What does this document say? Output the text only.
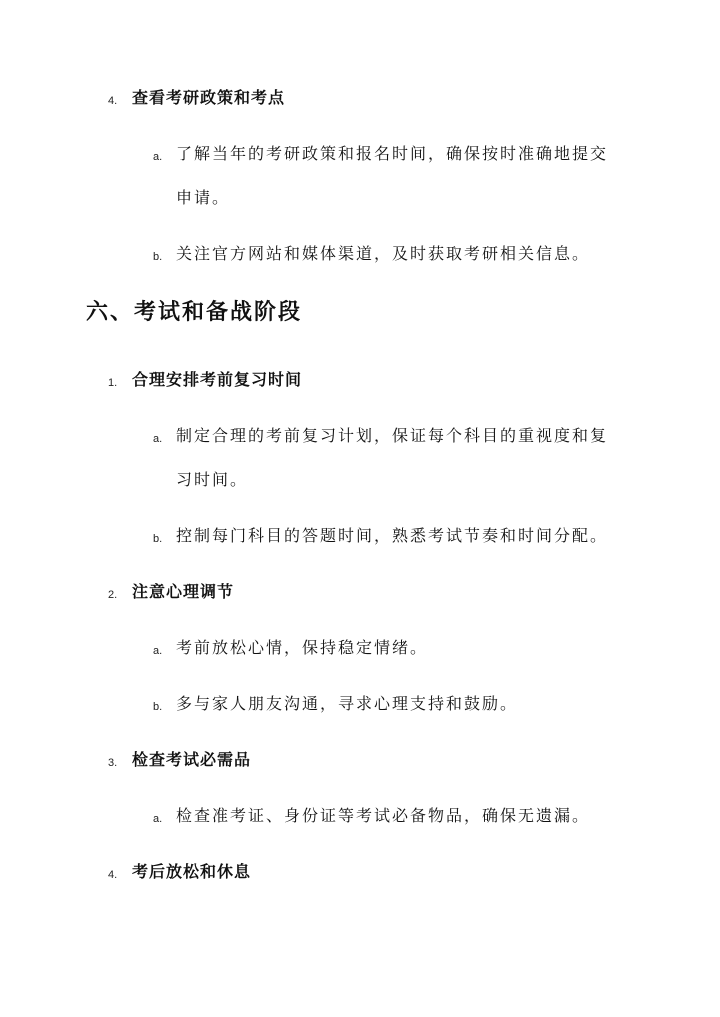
4. 查看考研政策和考点
a. 了解当年的考研政策和报名时间，确保按时准确地提交
申请。
b. 关注官方网站和媒体渠道，及时获取考研相关信息。
六、考试和备战阶段
1. 合理安排考前复习时间
a. 制定合理的考前复习计划，保证每个科目的重视度和复
习时间。
b. 控制每门科目的答题时间，熟悉考试节奏和时间分配。
2. 注意心理调节
a. 考前放松心情，保持稳定情绪。
b. 多与家人朋友沟通，寻求心理支持和鼓励。
3. 检查考试必需品
a. 检查准考证、身份证等考试必备物品，确保无遗漏。
4. 考后放松和休息
